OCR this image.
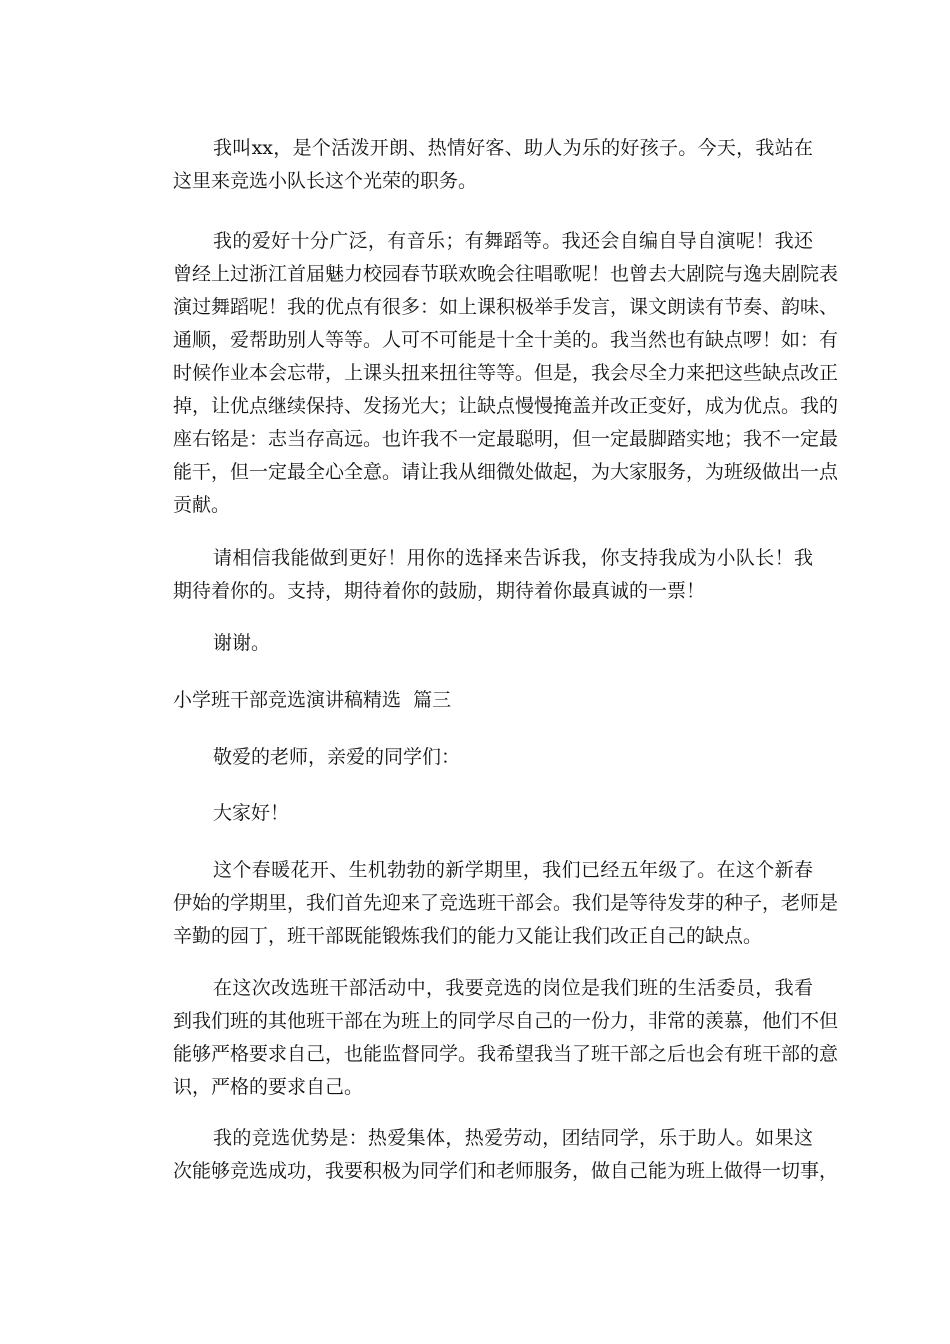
我叫xx，是个活泼开朗、热情好客、助人为乐的好孩子。今天，我站在
这里来竞选小队长这个光荣的职务。
我的爱好十分广泛，有音乐；有舞蹈等。我还会自编自导自演呢！我还
曾经上过浙江首届魅力校园春节联欢晚会往唱歌呢！也曾去大剧院与逸夫剧院表
演过舞蹈呢！我的优点有很多：如上课积极举手发言，课文朗读有节奏、韵味、
通顺，爱帮助别人等等。人可不可能是十全十美的。我当然也有缺点啰！如：有
时候作业本会忘带，上课头扭来扭往等等。但是，我会尽全力来把这些缺点改正
掉，让优点继续保持、发扬光大；让缺点慢慢掩盖并改正变好，成为优点。我的
座右铭是：志当存高远。也许我不一定最聪明，但一定最脚踏实地；我不一定最
能干，但一定最全心全意。请让我从细微处做起，为大家服务，为班级做出一点
贡献。
请相信我能做到更好！用你的选择来告诉我，你支持我成为小队长！我
期待着你的。支持，期待着你的鼓励，期待着你最真诚的一票！
谢谢。
小学班干部竞选演讲稿精选  篇三
敬爱的老师，亲爱的同学们：
大家好！
这个春暖花开、生机勃勃的新学期里，我们已经五年级了。在这个新春
伊始的学期里，我们首先迎来了竞选班干部会。我们是等待发芽的种子，老师是
辛勤的园丁，班干部既能锻炼我们的能力又能让我们改正自己的缺点。
在这次改选班干部活动中，我要竞选的岗位是我们班的生活委员，我看
到我们班的其他班干部在为班上的同学尽自己的一份力，非常的羡慕，他们不但
能够严格要求自己，也能监督同学。我希望我当了班干部之后也会有班干部的意
识，严格的要求自己。
我的竞选优势是：热爱集体，热爱劳动，团结同学，乐于助人。如果这
次能够竞选成功，我要积极为同学们和老师服务，做自己能为班上做得一切事，
